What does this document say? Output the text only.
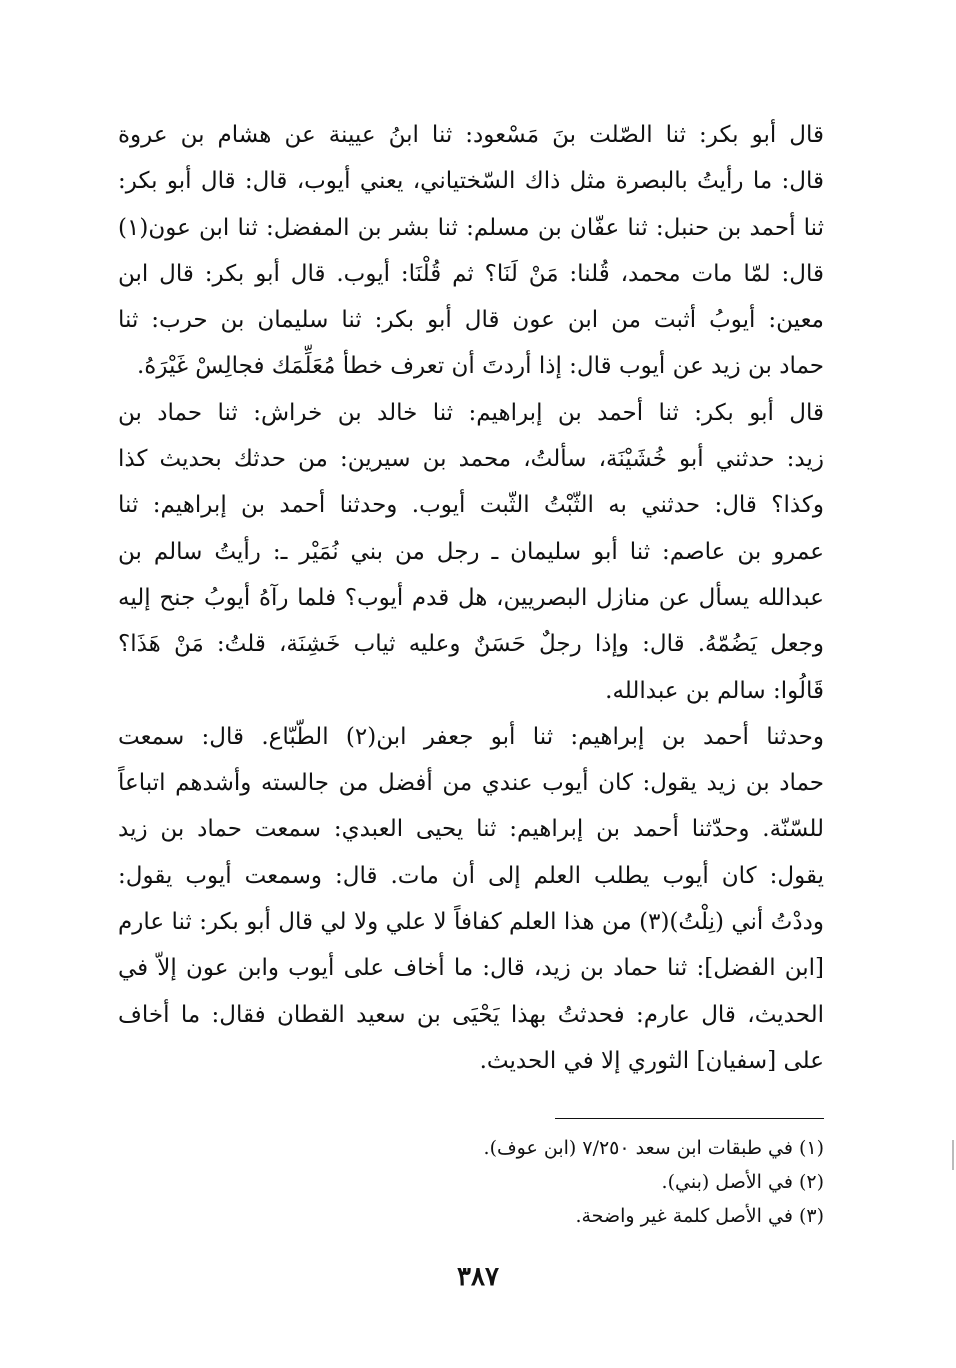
قال أبو بكر: ثنا الصّلت بنَ مَسْعود: ثنا ابنُ عيينة عن هشام بن عروة
قال: ما رأيتُ بالبصرة مثل ذاك السّختياني، يعني أيوب، قال: قال أبو بكر:
ثنا أحمد بن حنبل: ثنا عفّان بن مسلم: ثنا بشر بن المفضل: ثنا ابن عون(١)
قال: لمّا مات محمد، قُلنا: مَنْ لَنَا؟ ثم قُلْنَا: أيوب. قال أبو بكر: قال ابن
معين: أيوبُ أثبت من ابن عون قال أبو بكر: ثنا سليمان بن حرب: ثنا
حماد بن زيد عن أيوب قال: إذا أردتَ أن تعرف خطأ مُعَلِّمَك فجالِسْ غَيْرَهُ.
قال أبو بكر: ثنا أحمد بن إبراهيم: ثنا خالد بن خراش: ثنا حماد بن
زيد: حدثني أبو خُشَيْنَة، سألتُ، محمد بن سيرين: من حدثك بحديث كذا
وكذا؟ قال: حدثني به الثّبْتُ الثّبت أيوب. وحدثنا أحمد بن إبراهيم: ثنا
عمرو بن عاصم: ثنا أبو سليمان ـ رجل من بني نُمَيْر ـ: رأيتُ سالم بن
عبدالله يسأل عن منازل البصريين، هل قدم أيوب؟ فلما رآهُ أيوبُ جنح إليه
وجعل يَضُمّهُ. قال: وإذا رجلٌ حَسَنٌ وعليه ثياب خَشِنَة، قلتُ: مَنْ هَذَا؟
قَالُوا: سالم بن عبدالله.
وحدثنا أحمد بن إبراهيم: ثنا أبو جعفر ابن(٢) الطّبّاع. قال: سمعت
حماد بن زيد يقول: كان أيوب عندي من أفضل من جالسته وأشدهم اتباعاً
للسّنّة. وحدّثنا أحمد بن إبراهيم: ثنا يحيى العبدي: سمعت حماد بن زيد
يقول: كان أيوب يطلب العلم إلى أن مات. قال: وسمعت أيوب يقول:
وددْتُ أني (نِلْتُ)(٣) من هذا العلم كفافاً لا علي ولا لي قال أبو بكر: ثنا عارم
[ابن الفضل]: ثنا حماد بن زيد، قال: ما أخاف على أيوب وابن عون إلاّ في
الحديث، قال عارم: فحدثتُ بهذا يَحْيَى بن سعيد القطان فقال: ما أخاف
على [سفيان] الثوري إلا في الحديث.
(١) في طبقات ابن سعد ٧/٢٥٠ (ابن عوف).
(٢) في الأصل (بني).
(٣) في الأصل كلمة غير واضحة.
٣٨٧
